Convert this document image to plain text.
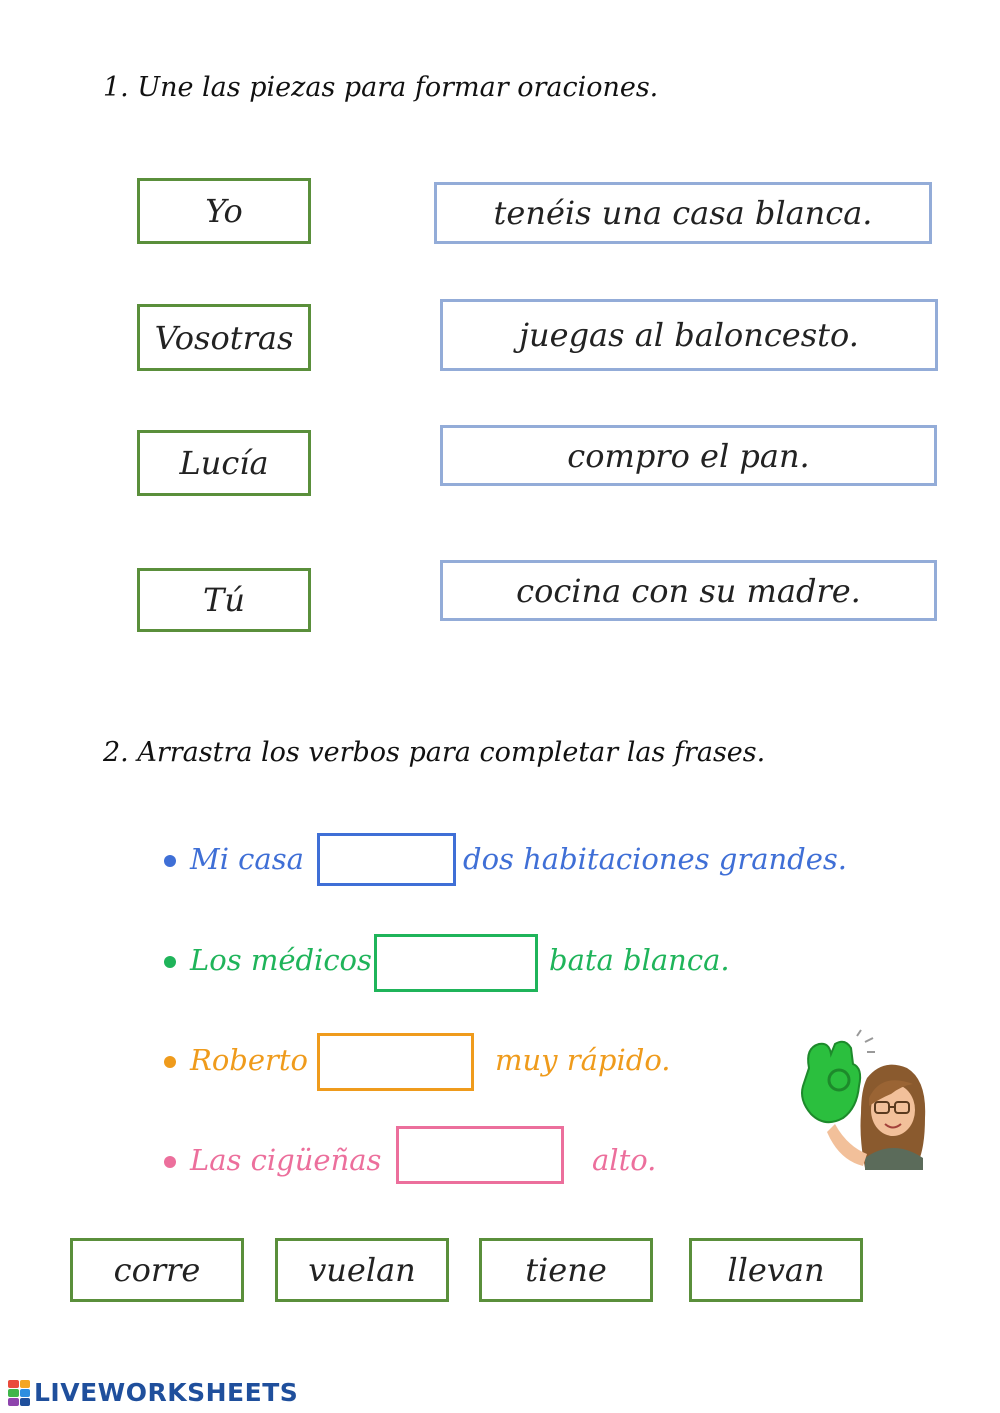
1. Une las piezas para formar oraciones.
Yo
Vosotras
Lucía
Tú
tenéis una casa blanca.
juegas al baloncesto.
compro el pan.
cocina con su madre.
2. Arrastra los verbos para completar las frases.
Mi casa	dos habitaciones grandes.
Los médicos	bata blanca.
Roberto	muy rápido.
Las cigüeñas	alto.
corre	vuelan	tiene	llevan
LIVEWORKSHEETS
